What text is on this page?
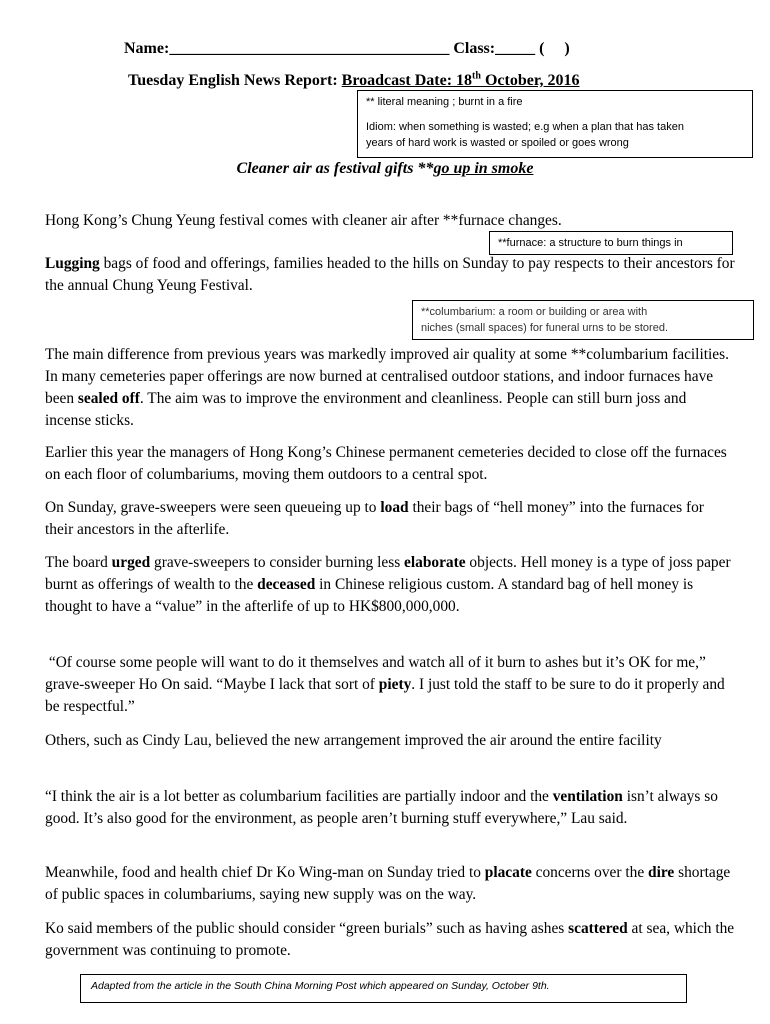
Name:___________________________________ Class:_____ (     )
Tuesday English News Report: Broadcast Date: 18th October, 2016
** literal meaning ; burnt in a fire
Idiom: when something is wasted; e.g when a plan that has taken
years of hard work is wasted or spoiled or goes wrong
Cleaner air as festival gifts **go up in smoke
Hong Kong’s Chung Yeung festival comes with cleaner air after **furnace changes.
**furnace: a structure to burn things in
Lugging bags of food and offerings, families headed to the hills on Sunday to pay respects to their ancestors for the annual Chung Yeung Festival.
**columbarium: a room or building or area with
niches (small spaces) for funeral urns to be stored.
The main difference from previous years was markedly improved air quality at some **columbarium facilities. In many cemeteries paper offerings are now burned at centralised outdoor stations, and indoor furnaces have been sealed off. The aim was to improve the environment and cleanliness. People can still burn joss and incense sticks.
Earlier this year the managers of Hong Kong’s Chinese permanent cemeteries decided to close off the furnaces on each floor of columbariums, moving them outdoors to a central spot.
On Sunday, grave-sweepers were seen queueing up to load their bags of “hell money” into the furnaces for their ancestors in the afterlife.
The board urged grave-sweepers to consider burning less elaborate objects. Hell money is a type of joss paper burnt as offerings of wealth to the deceased in Chinese religious custom. A standard bag of hell money is thought to have a “value” in the afterlife of up to HK$800,000,000.
“Of course some people will want to do it themselves and watch all of it burn to ashes but it’s OK for me,” grave-sweeper Ho On said. “Maybe I lack that sort of piety. I just told the staff to be sure to do it properly and be respectful.”
Others, such as Cindy Lau, believed the new arrangement improved the air around the entire facility
“I think the air is a lot better as columbarium facilities are partially indoor and the ventilation isn’t always so good. It’s also good for the environment, as people aren’t burning stuff everywhere,” Lau said.
Meanwhile, food and health chief Dr Ko Wing-man on Sunday tried to placate concerns over the dire shortage of public spaces in columbariums, saying new supply was on the way.
Ko said members of the public should consider “green burials” such as having ashes scattered at sea, which the government was continuing to promote.
Adapted from the article in the South China Morning Post which appeared on Sunday, October 9th.
